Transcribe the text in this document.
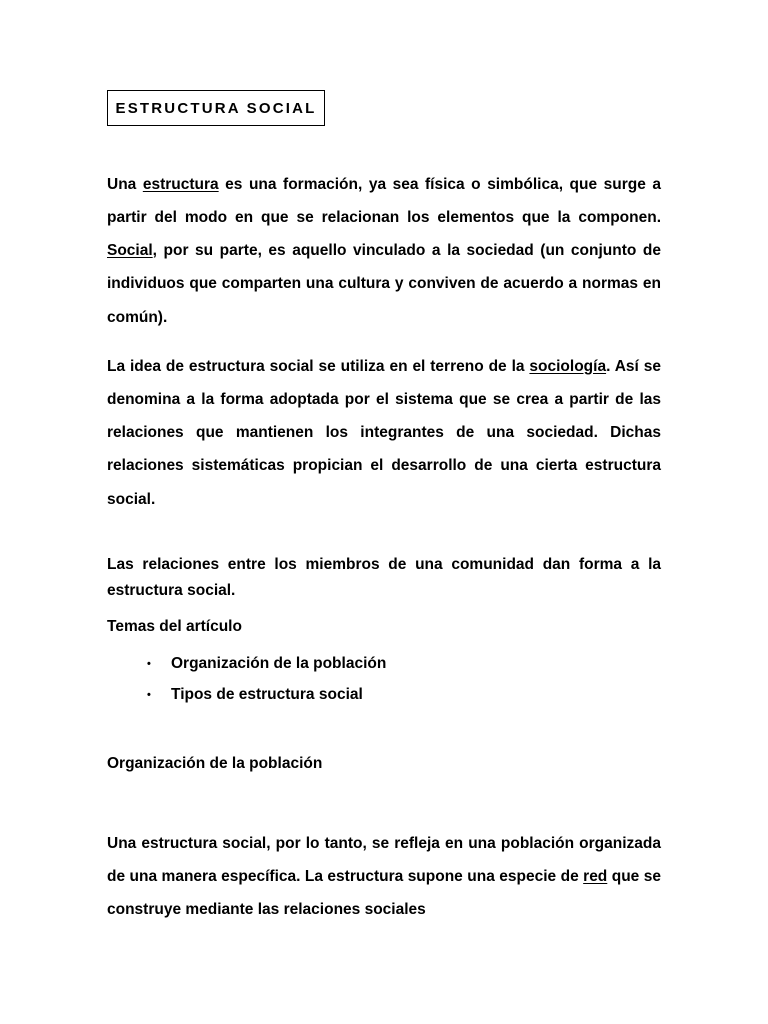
ESTRUCTURA SOCIAL

Una estructura es una formación, ya sea física o simbólica, que surge a partir del modo en que se relacionan los elementos que la componen. Social, por su parte, es aquello vinculado a la sociedad (un conjunto de individuos que comparten una cultura y conviven de acuerdo a normas en común).

La idea de estructura social se utiliza en el terreno de la sociología. Así se denomina a la forma adoptada por el sistema que se crea a partir de las relaciones que mantienen los integrantes de una sociedad. Dichas relaciones sistemáticas propician el desarrollo de una cierta estructura social.

Las relaciones entre los miembros de una comunidad dan forma a la estructura social.

Temas del artículo
•	Organización de la población
•	Tipos de estructura social
Organización de la población

Una estructura social, por lo tanto, se refleja en una población organizada de una manera específica. La estructura supone una especie de red que se construye mediante las relaciones sociales
